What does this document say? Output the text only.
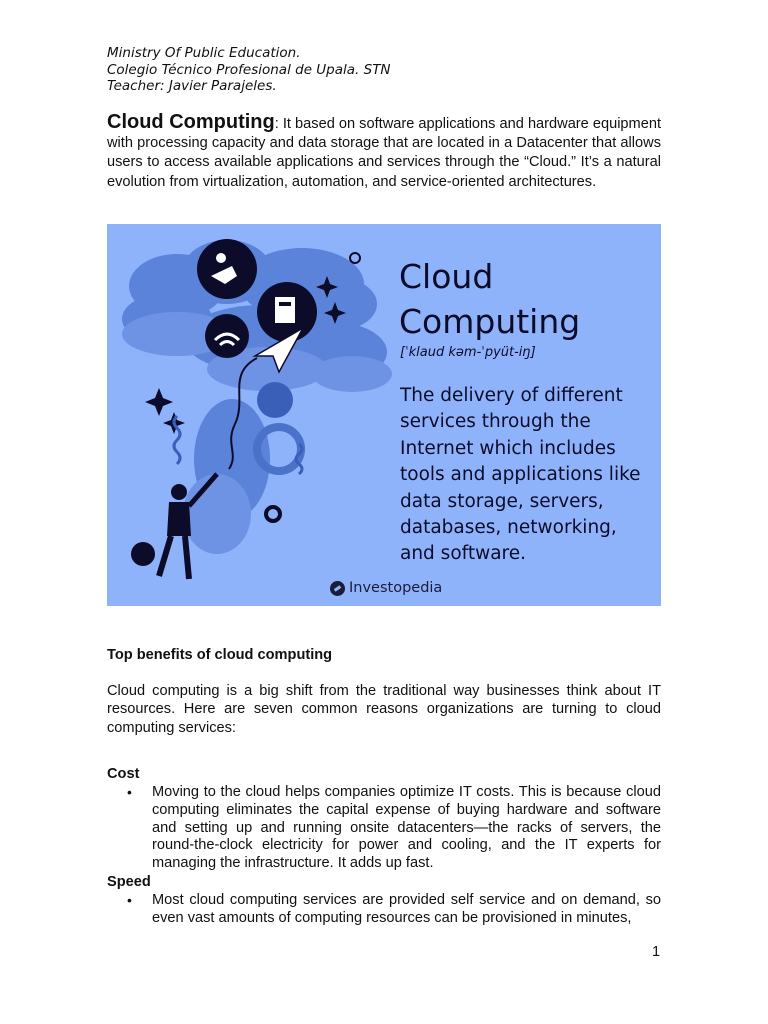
Ministry Of Public Education.
Colegio Técnico Profesional de Upala. STN
Teacher: Javier Parajeles.
Cloud Computing: It based on software applications and hardware equipment with processing capacity and data storage that are located in a Datacenter that allows users to access available applications and services through the “Cloud.” It’s a natural evolution from virtualization, automation, and service-oriented architectures.
Cloud
Computing
[ˈklaud kəm-ˈpyüt-iŋ]
The delivery of different services through the Internet which includes tools and applications like data storage, servers, databases, networking, and software.
Investopedia
Top benefits of cloud computing
Cloud computing is a big shift from the traditional way businesses think about IT resources. Here are seven common reasons organizations are turning to cloud computing services:
Cost
• Moving to the cloud helps companies optimize IT costs. This is because cloud computing eliminates the capital expense of buying hardware and software and setting up and running onsite datacenters—the racks of servers, the round-the-clock electricity for power and cooling, and the IT experts for managing the infrastructure. It adds up fast.
Speed
• Most cloud computing services are provided self service and on demand, so even vast amounts of computing resources can be provisioned in minutes,
1
